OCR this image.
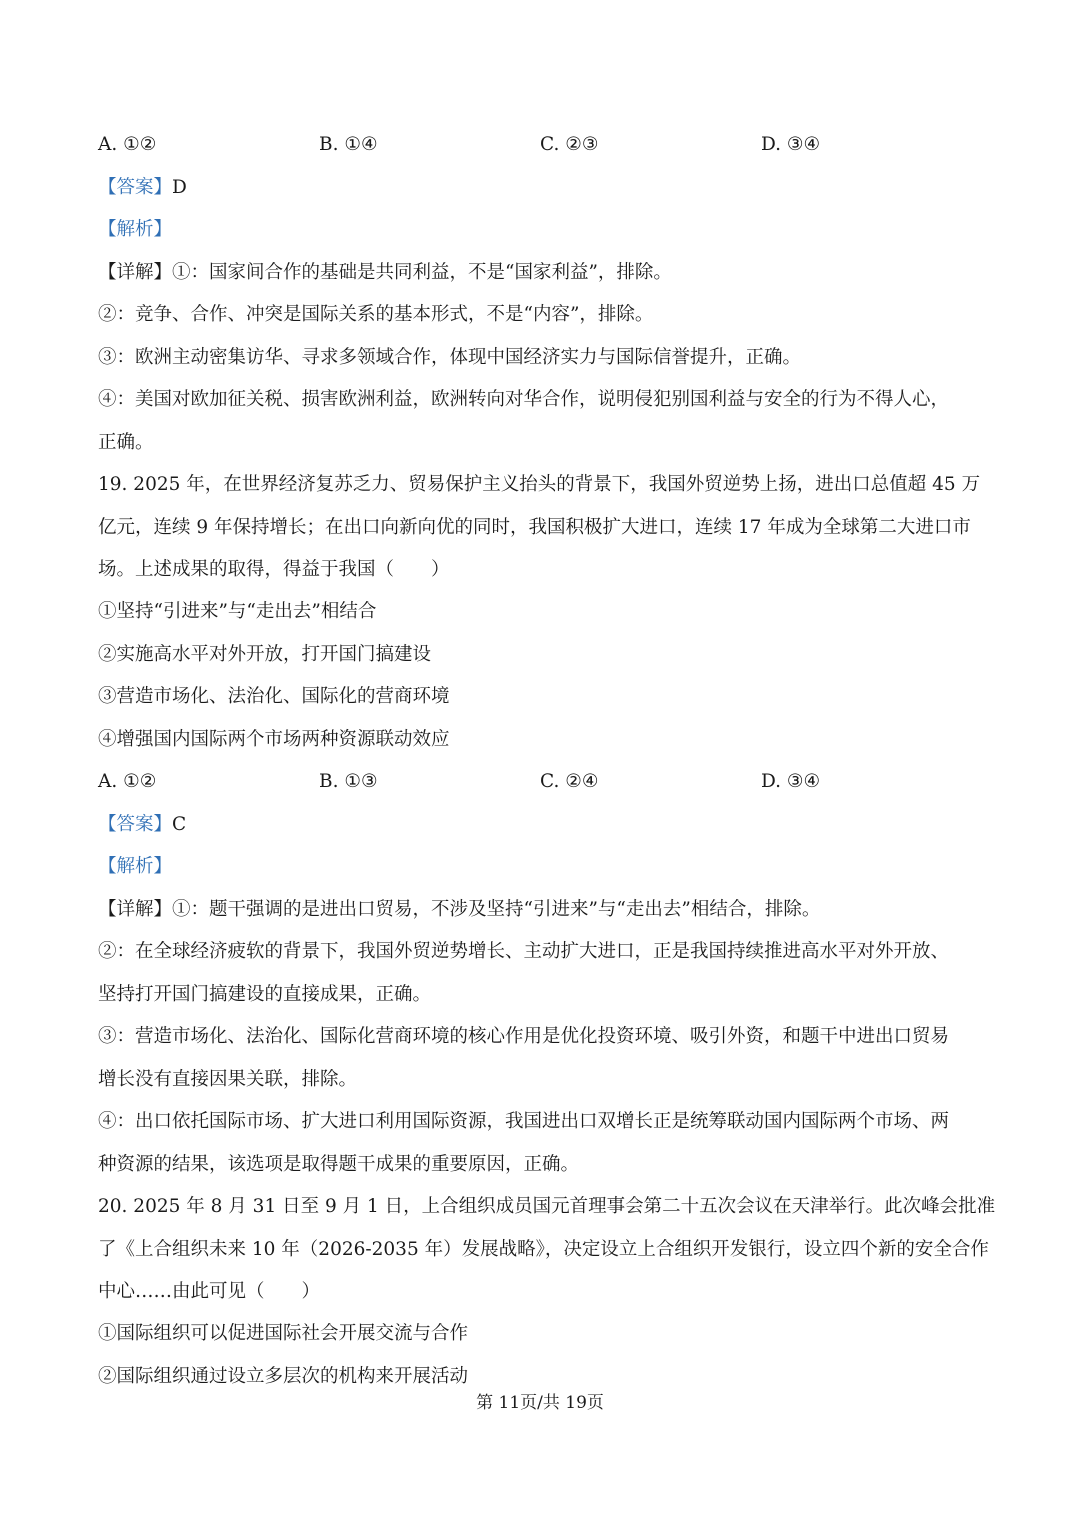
A. ①②	B. ①④	C. ②③	D. ③④
【答案】D
【解析】
【详解】①：国家间合作的基础是共同利益，不是“国家利益”，排除。
②：竞争、合作、冲突是国际关系的基本形式，不是“内容”，排除。
③：欧洲主动密集访华、寻求多领域合作，体现中国经济实力与国际信誉提升，正确。
④：美国对欧加征关税、损害欧洲利益，欧洲转向对华合作，说明侵犯别国利益与安全的行为不得人心，
正确。
19. 2025 年，在世界经济复苏乏力、贸易保护主义抬头的背景下，我国外贸逆势上扬，进出口总值超 45 万
亿元，连续 9 年保持增长；在出口向新向优的同时，我国积极扩大进口，连续 17 年成为全球第二大进口市
场。上述成果的取得，得益于我国（　　）
①坚持“引进来”与“走出去”相结合
②实施高水平对外开放，打开国门搞建设
③营造市场化、法治化、国际化的营商环境
④增强国内国际两个市场两种资源联动效应
A. ①②	B. ①③	C. ②④	D. ③④
【答案】C
【解析】
【详解】①：题干强调的是进出口贸易，不涉及坚持“引进来”与“走出去”相结合，排除。
②：在全球经济疲软的背景下，我国外贸逆势增长、主动扩大进口，正是我国持续推进高水平对外开放、
坚持打开国门搞建设的直接成果，正确。
③：营造市场化、法治化、国际化营商环境的核心作用是优化投资环境、吸引外资，和题干中进出口贸易
增长没有直接因果关联，排除。
④：出口依托国际市场、扩大进口利用国际资源，我国进出口双增长正是统筹联动国内国际两个市场、两
种资源的结果，该选项是取得题干成果的重要原因，正确。
20. 2025 年 8 月 31 日至 9 月 1 日，上合组织成员国元首理事会第二十五次会议在天津举行。此次峰会批准
了《上合组织未来 10 年（2026-2035 年）发展战略》，决定设立上合组织开发银行，设立四个新的安全合作
中心……由此可见（　　）
①国际组织可以促进国际社会开展交流与合作
②国际组织通过设立多层次的机构来开展活动
第 11页/共 19页
